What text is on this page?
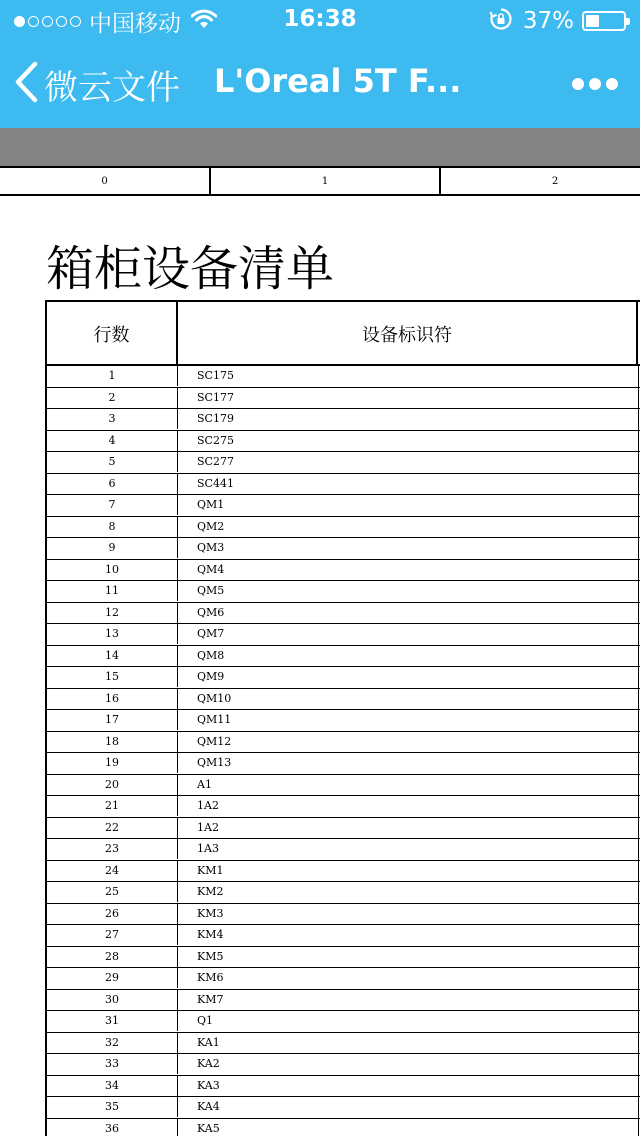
中国移动	16:38	37%
微云文件 L'Oreal 5T F...
0	1	2
箱柜设备清单
行数	设备标识符
1	SC175
2	SC177
3	SC179
4	SC275
5	SC277
6	SC441
7	QM1
8	QM2
9	QM3
10	QM4
11	QM5
12	QM6
13	QM7
14	QM8
15	QM9
16	QM10
17	QM11
18	QM12
19	QM13
20	A1
21	1A2
22	1A2
23	1A3
24	KM1
25	KM2
26	KM3
27	KM4
28	KM5
29	KM6
30	KM7
31	Q1
32	KA1
33	KA2
34	KA3
35	KA4
36	KA5
